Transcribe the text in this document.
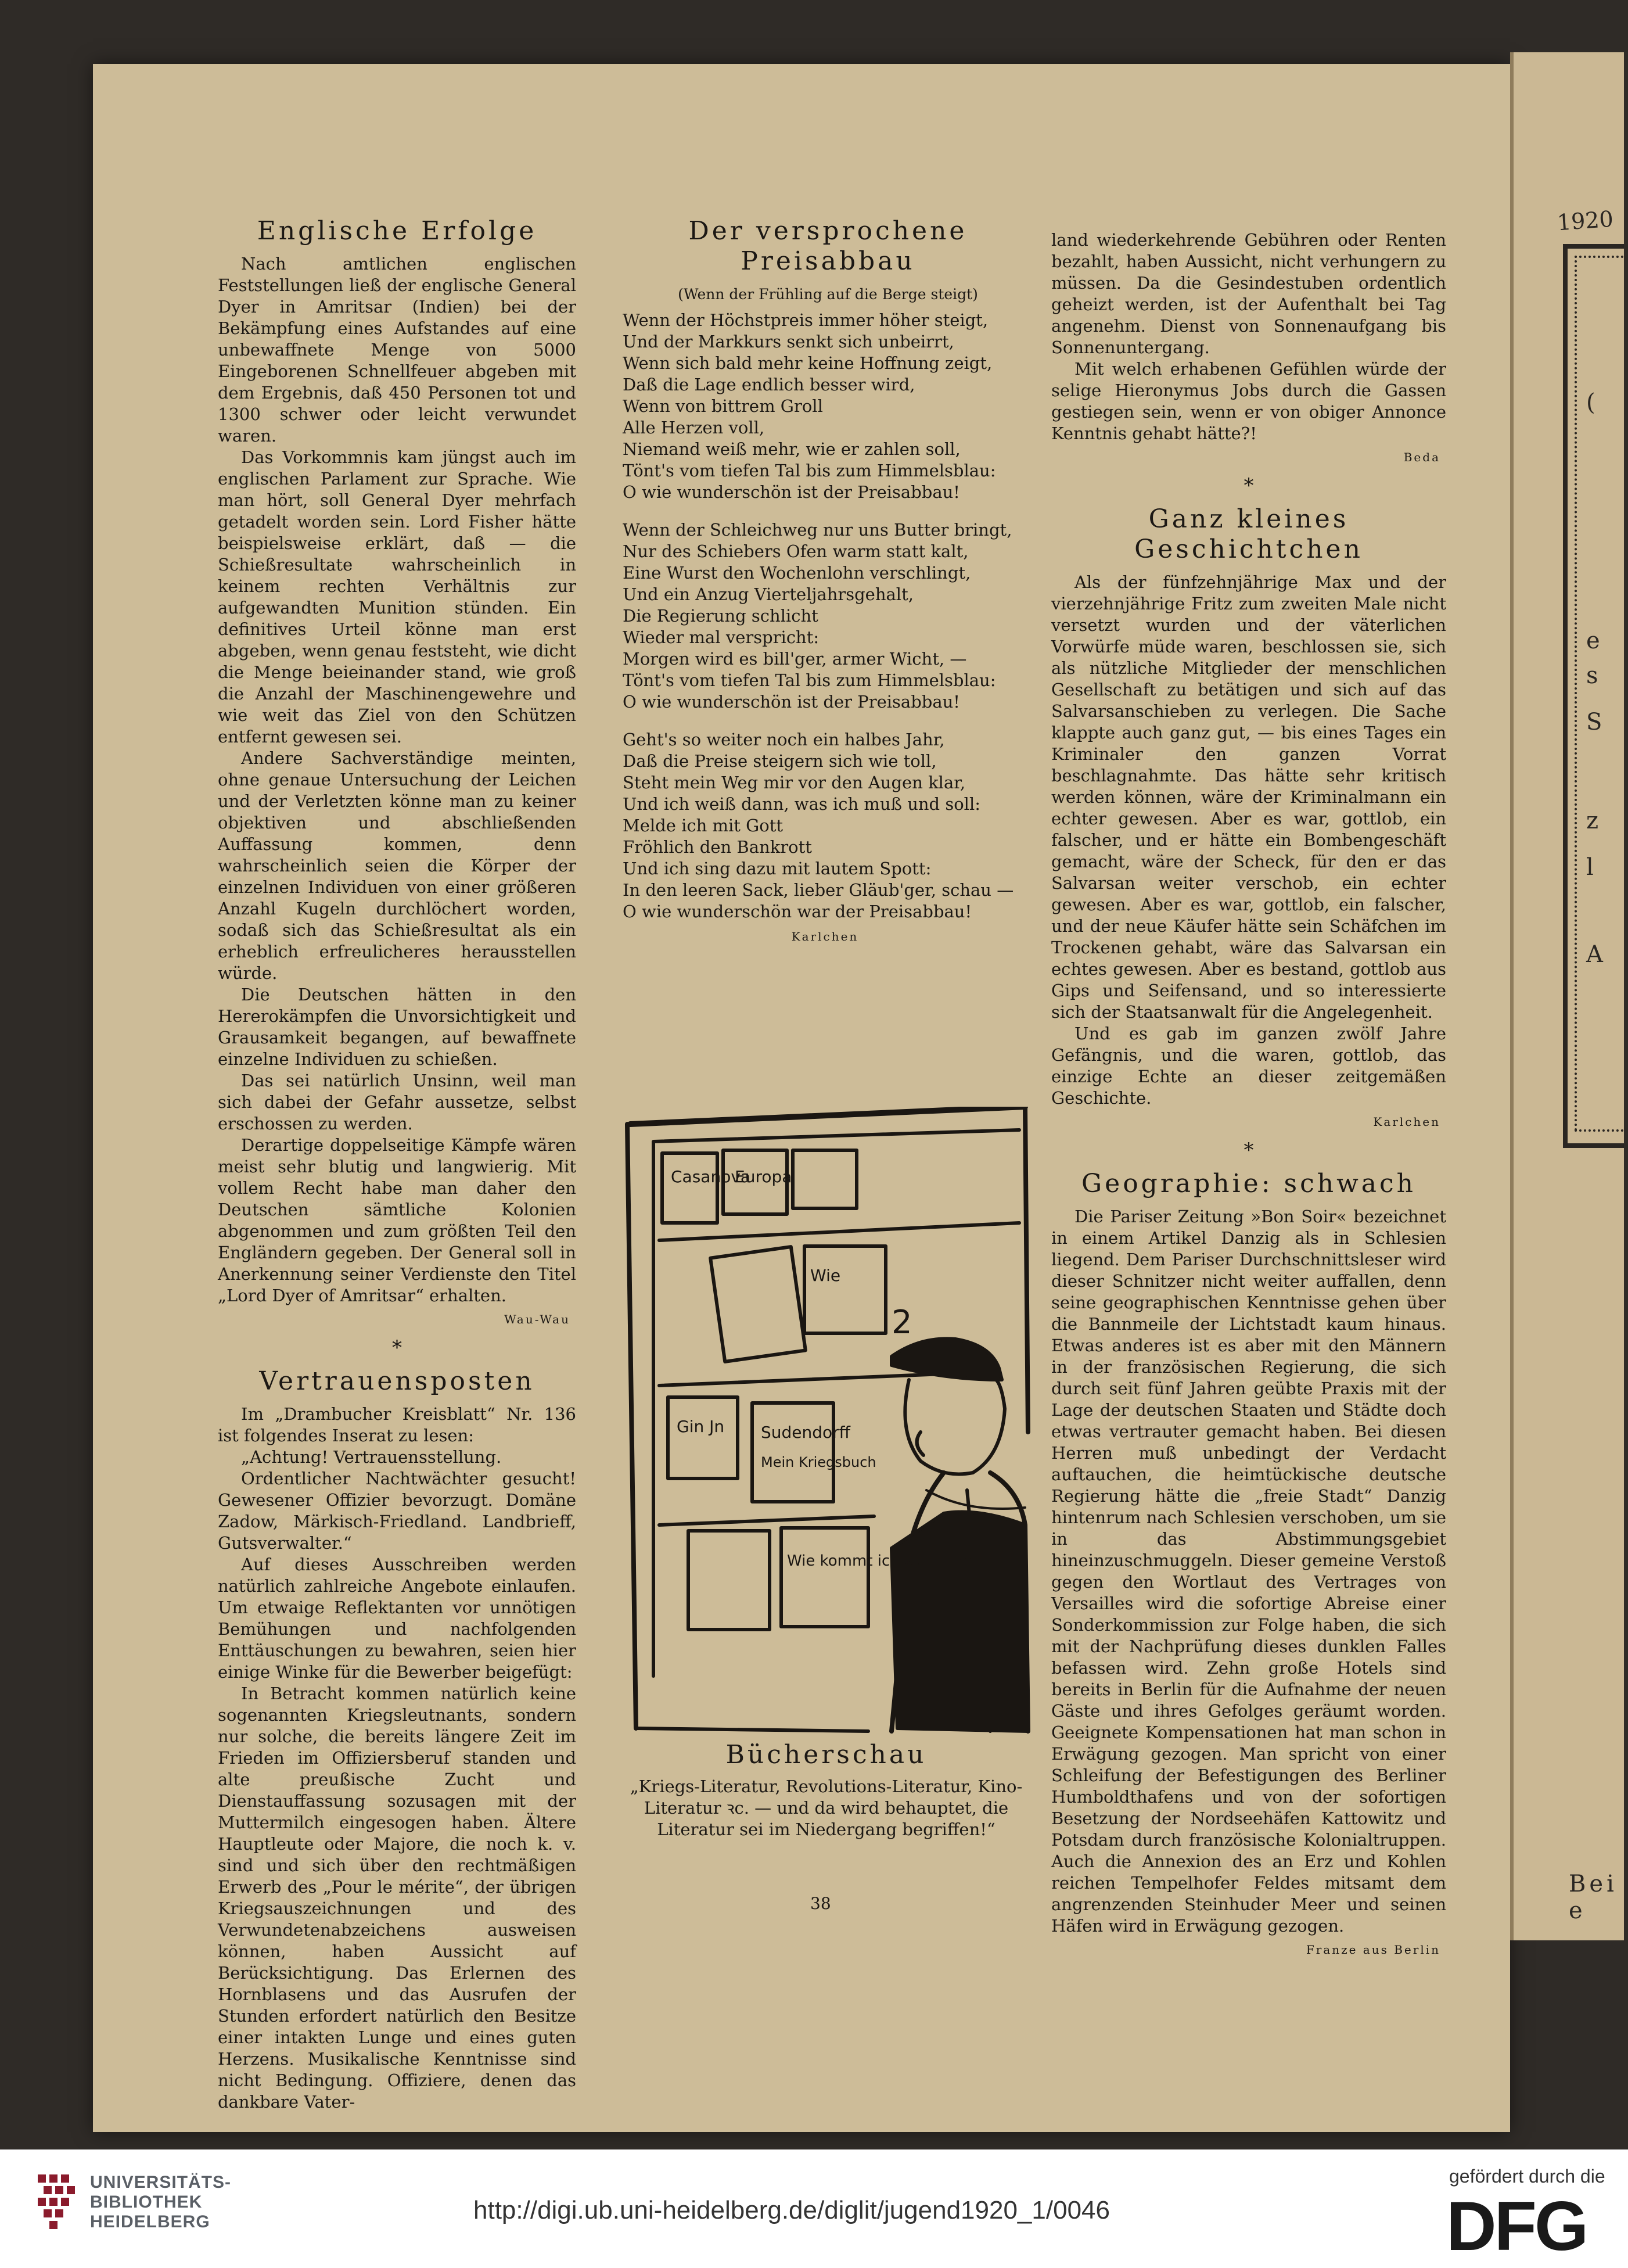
1920
(
e
s
S
z
l
A
Bei e
Englische Erfolge

Nach amtlichen englischen Feststellungen ließ der englische General Dyer in Amritsar (Indien) bei der Bekämpfung eines Aufstandes auf eine unbewaffnete Menge von 5000 Eingeborenen Schnellfeuer abgeben mit dem Ergebnis, daß 450 Personen tot und 1300 schwer oder leicht verwundet waren.

Das Vorkommnis kam jüngst auch im englischen Parlament zur Sprache. Wie man hört, soll General Dyer mehrfach getadelt worden sein. Lord Fisher hätte beispielsweise erklärt, daß — die Schießresultate wahrscheinlich in keinem rechten Verhältnis zur aufgewandten Munition stünden. Ein definitives Urteil könne man erst abgeben, wenn genau feststeht, wie dicht die Menge beieinander stand, wie groß die Anzahl der Maschinengewehre und wie weit das Ziel von den Schützen entfernt gewesen sei.

Andere Sachverständige meinten, ohne genaue Untersuchung der Leichen und der Verletzten könne man zu keiner objektiven und abschließenden Auffassung kommen, denn wahrscheinlich seien die Körper der einzelnen Individuen von einer größeren Anzahl Kugeln durchlöchert worden, sodaß sich das Schießresultat als ein erheblich erfreulicheres herausstellen würde.

Die Deutschen hätten in den Hererokämpfen die Unvorsichtigkeit und Grausamkeit begangen, auf bewaffnete einzelne Individuen zu schießen.

Das sei natürlich Unsinn, weil man sich dabei der Gefahr aussetze, selbst erschossen zu werden.

Derartige doppelseitige Kämpfe wären meist sehr blutig und langwierig. Mit vollem Recht habe man daher den Deutschen sämtliche Kolonien abgenommen und zum größten Teil den Engländern gegeben. Der General soll in Anerkennung seiner Verdienste den Titel „Lord Dyer of Amritsar“ erhalten.

Wau-Wau
*
Vertrauensposten

Im „Drambucher Kreisblatt“ Nr. 136 ist folgendes Inserat zu lesen:

„Achtung! Vertrauensstellung.

Ordentlicher Nachtwächter gesucht! Gewesener Offizier bevorzugt. Domäne Zadow, Märkisch-Friedland. Landbrieff, Gutsverwalter.“

Auf dieses Ausschreiben werden natürlich zahlreiche Angebote einlaufen. Um etwaige Reflektanten vor unnötigen Bemühungen und nachfolgenden Enttäuschungen zu bewahren, seien hier einige Winke für die Bewerber beigefügt:

In Betracht kommen natürlich keine sogenannten Kriegsleutnants, sondern nur solche, die bereits längere Zeit im Frieden im Offiziersberuf standen und alte preußische Zucht und Dienstauffassung sozusagen mit der Muttermilch eingesogen haben. Ältere Hauptleute oder Majore, die noch k. v. sind und sich über den rechtmäßigen Erwerb des „Pour le mérite“, der übrigen Kriegsauszeichnungen und des Verwundetenabzeichens ausweisen können, haben Aussicht auf Berücksichtigung. Das Erlernen des Hornblasens und das Ausrufen der Stunden erfordert natürlich den Besitze einer intakten Lunge und eines guten Herzens. Musikalische Kenntnisse sind nicht Bedingung. Offiziere, denen das dankbare Vater-

Der versprochene Preisabbau
(Wenn der Frühling auf die Berge steigt)
Wenn der Höchstpreis immer höher steigt,
Und der Markkurs senkt sich unbeirrt,
Wenn sich bald mehr keine Hoffnung zeigt,
Daß die Lage endlich besser wird,
Wenn von bittrem Groll
Alle Herzen voll,
Niemand weiß mehr, wie er zahlen soll,
Tönt's vom tiefen Tal bis zum Himmelsblau:
O wie wunderschön ist der Preisabbau!
Wenn der Schleichweg nur uns Butter bringt,
Nur des Schiebers Ofen warm statt kalt,
Eine Wurst den Wochenlohn verschlingt,
Und ein Anzug Vierteljahrsgehalt,
Die Regierung schlicht
Wieder mal verspricht:
Morgen wird es bill'ger, armer Wicht, —
Tönt's vom tiefen Tal bis zum Himmelsblau:
O wie wunderschön ist der Preisabbau!
Geht's so weiter noch ein halbes Jahr,
Daß die Preise steigern sich wie toll,
Steht mein Weg mir vor den Augen klar,
Und ich weiß dann, was ich muß und soll:
Melde ich mit Gott
Fröhlich den Bankrott
Und ich sing dazu mit lautem Spott:
In den leeren Sack, lieber Gläub'ger, schau —
O wie wunderschön war der Preisabbau!
Karlchen
Casanova
Europa
Wie
Sudendorff
Mein Kriegsbuch
Wie kommt ich zum Film
Gin Jn
2
Bücherschau
„Kriegs-Literatur, Revolutions-Literatur, Kino-Literatur ꝛc. — und da wird behauptet, die Literatur sei im Niedergang begriffen!“
38

land wiederkehrende Gebühren oder Renten bezahlt, haben Aussicht, nicht verhungern zu müssen. Da die Gesindestuben ordentlich geheizt werden, ist der Aufenthalt bei Tag angenehm. Dienst von Sonnenaufgang bis Sonnenuntergang.

Mit welch erhabenen Gefühlen würde der selige Hieronymus Jobs durch die Gassen gestiegen sein, wenn er von obiger Annonce Kenntnis gehabt hätte?!

Beda
*
Ganz kleines Geschichtchen

Als der fünfzehnjährige Max und der vierzehnjährige Fritz zum zweiten Male nicht versetzt wurden und der väterlichen Vorwürfe müde waren, beschlossen sie, sich als nützliche Mitglieder der menschlichen Gesellschaft zu betätigen und sich auf das Salvarsanschieben zu verlegen. Die Sache klappte auch ganz gut, — bis eines Tages ein Kriminaler den ganzen Vorrat beschlagnahmte. Das hätte sehr kritisch werden können, wäre der Kriminalmann ein echter gewesen. Aber es war, gottlob, ein falscher, und er hätte ein Bombengeschäft gemacht, wäre der Scheck, für den er das Salvarsan weiter verschob, ein echter gewesen. Aber es war, gottlob, ein falscher, und der neue Käufer hätte sein Schäfchen im Trockenen gehabt, wäre das Salvarsan ein echtes gewesen. Aber es bestand, gottlob aus Gips und Seifensand, und so interessierte sich der Staatsanwalt für die Angelegenheit.

Und es gab im ganzen zwölf Jahre Gefängnis, und die waren, gottlob, das einzige Echte an dieser zeitgemäßen Geschichte.

Karlchen
*
Geographie: schwach

Die Pariser Zeitung »Bon Soir« bezeichnet in einem Artikel Danzig als in Schlesien liegend. Dem Pariser Durchschnittsleser wird dieser Schnitzer nicht weiter auffallen, denn seine geographischen Kenntnisse gehen über die Bannmeile der Lichtstadt kaum hinaus. Etwas anderes ist es aber mit den Männern in der französischen Regierung, die sich durch seit fünf Jahren geübte Praxis mit der Lage der deutschen Staaten und Städte doch etwas vertrauter gemacht haben. Bei diesen Herren muß unbedingt der Verdacht auftauchen, die heimtückische deutsche Regierung hätte die „freie Stadt“ Danzig hintenrum nach Schlesien verschoben, um sie in das Abstimmungsgebiet hineinzuschmuggeln. Dieser gemeine Verstoß gegen den Wortlaut des Vertrages von Versailles wird die sofortige Abreise einer Sonderkommission zur Folge haben, die sich mit der Nachprüfung dieses dunklen Falles befassen wird. Zehn große Hotels sind bereits in Berlin für die Aufnahme der neuen Gäste und ihres Gefolges geräumt worden. Geeignete Kompensationen hat man schon in Erwägung gezogen. Man spricht von einer Schleifung der Befestigungen des Berliner Humboldthafens und von der sofortigen Besetzung der Nordseehäfen Kattowitz und Potsdam durch französische Kolonialtruppen. Auch die Annexion des an Erz und Kohlen reichen Tempelhofer Feldes mitsamt dem angrenzenden Steinhuder Meer und seinen Häfen wird in Erwägung gezogen.

Franze aus Berlin
UNIVERSITÄTS-
BIBLIOTHEK
HEIDELBERG	http://digi.ub.uni-heidelberg.de/diglit/jugend1920_1/0046
gefördert durch die
DFG
